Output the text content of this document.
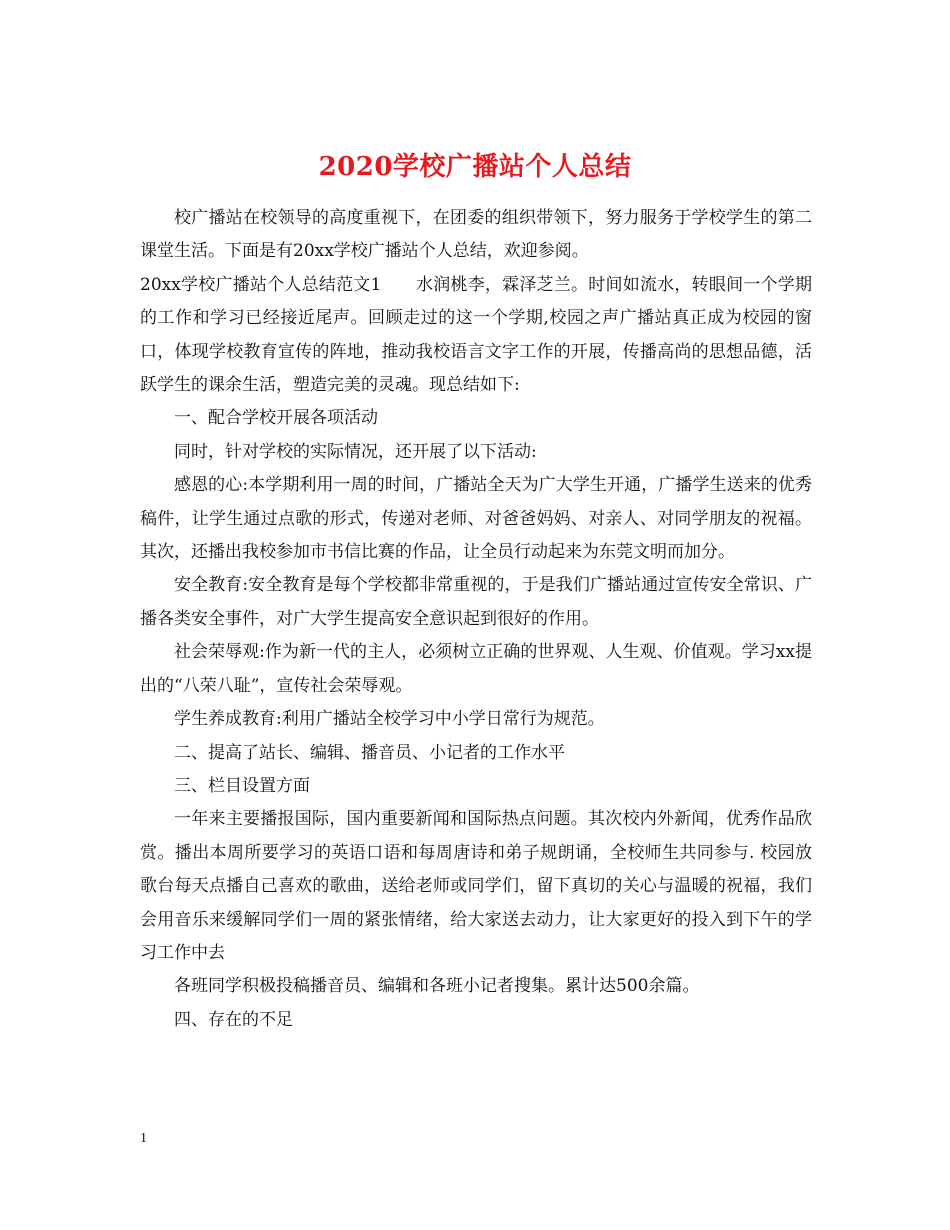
2020学校广播站个人总结

校广播站在校领导的高度重视下，在团委的组织带领下，努力服务于学校学生的第二课堂生活。下面是有20xx学校广播站个人总结，欢迎参阅。

20xx学校广播站个人总结范文1　　水润桃李，霖泽芝兰。时间如流水，转眼间一个学期的工作和学习已经接近尾声。回顾走过的这一个学期,校园之声广播站真正成为校园的窗口，体现学校教育宣传的阵地，推动我校语言文字工作的开展，传播高尚的思想品德，活跃学生的课余生活，塑造完美的灵魂。现总结如下:

一、配合学校开展各项活动

同时，针对学校的实际情况，还开展了以下活动:

感恩的心:本学期利用一周的时间，广播站全天为广大学生开通，广播学生送来的优秀稿件，让学生通过点歌的形式，传递对老师、对爸爸妈妈、对亲人、对同学朋友的祝福。其次，还播出我校参加市书信比赛的作品，让全员行动起来为东莞文明而加分。

安全教育:安全教育是每个学校都非常重视的，于是我们广播站通过宣传安全常识、广播各类安全事件，对广大学生提高安全意识起到很好的作用。

社会荣辱观:作为新一代的主人，必须树立正确的世界观、人生观、价值观。学习xx提出的“八荣八耻”，宣传社会荣辱观。

学生养成教育:利用广播站全校学习中小学日常行为规范。

二、提高了站长、编辑、播音员、小记者的工作水平

三、栏目设置方面

一年来主要播报国际，国内重要新闻和国际热点问题。其次校内外新闻，优秀作品欣赏。播出本周所要学习的英语口语和每周唐诗和弟子规朗诵，全校师生共同参与. 校园放歌台每天点播自己喜欢的歌曲，送给老师或同学们，留下真切的关心与温暖的祝福，我们会用音乐来缓解同学们一周的紧张情绪，给大家送去动力，让大家更好的投入到下午的学习工作中去

各班同学积极投稿播音员、编辑和各班小记者搜集。累计达500余篇。

四、存在的不足

1
